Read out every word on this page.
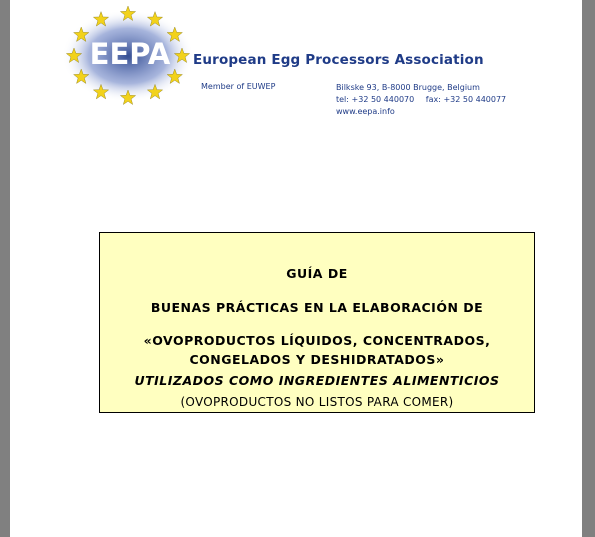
EEPA European Egg Processors Association
Member of EUWEP	Bilkske 93, B-8000 Brugge, Belgium
tel: +32 50 440070 fax: +32 50 440077
www.eepa.info
GUÍA DE
BUENAS PRÁCTICAS EN LA ELABORACIÓN DE
«OVOPRODUCTOS LÍQUIDOS, CONCENTRADOS,
CONGELADOS Y DESHIDRATADOS»
UTILIZADOS COMO INGREDIENTES ALIMENTICIOS
(OVOPRODUCTOS NO LISTOS PARA COMER)
